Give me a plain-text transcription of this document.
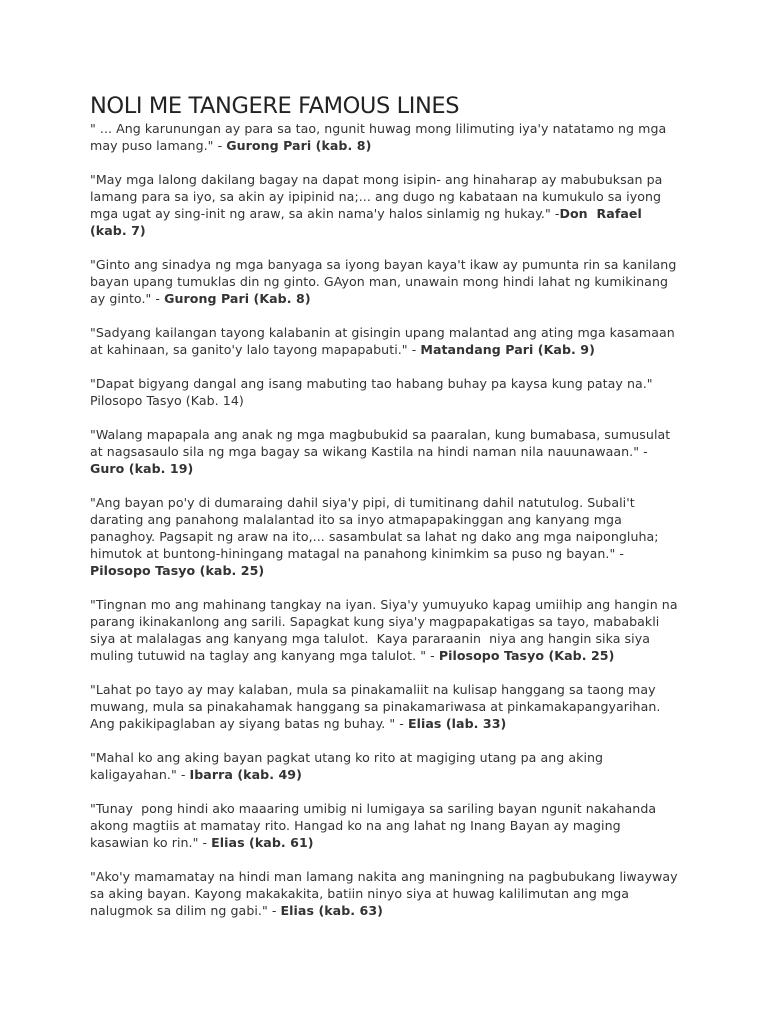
NOLI ME TANGERE FAMOUS LINES

" ... Ang karunungan ay para sa tao, ngunit huwag mong lilimuting iya'y natatamo ng mga
may puso lamang." - Gurong Pari (kab. 8)

"May mga lalong dakilang bagay na dapat mong isipin- ang hinaharap ay mabubuksan pa
lamang para sa iyo, sa akin ay ipipinid na;... ang dugo ng kabataan na kumukulo sa iyong
mga ugat ay sing-init ng araw, sa akin nama'y halos sinlamig ng hukay." -Don  Rafael
(kab. 7)

"Ginto ang sinadya ng mga banyaga sa iyong bayan kaya't ikaw ay pumunta rin sa kanilang
bayan upang tumuklas din ng ginto. GAyon man, unawain mong hindi lahat ng kumikinang
ay ginto." - Gurong Pari (Kab. 8)

"Sadyang kailangan tayong kalabanin at gisingin upang malantad ang ating mga kasamaan
at kahinaan, sa ganito'y lalo tayong mapapabuti." - Matandang Pari (Kab. 9)

"Dapat bigyang dangal ang isang mabuting tao habang buhay pa kaysa kung patay na."
Pilosopo Tasyo (Kab. 14)

"Walang mapapala ang anak ng mga magbubukid sa paaralan, kung bumabasa, sumusulat
at nagsasaulo sila ng mga bagay sa wikang Kastila na hindi naman nila nauunawaan." -
Guro (kab. 19)

"Ang bayan po'y di dumaraing dahil siya'y pipi, di tumitinang dahil natutulog. Subali't
darating ang panahong malalantad ito sa inyo atmapapakinggan ang kanyang mga
panaghoy. Pagsapit ng araw na ito,... sasambulat sa lahat ng dako ang mga naipongluha;
himutok at buntong-hiningang matagal na panahong kinimkim sa puso ng bayan." -
Pilosopo Tasyo (kab. 25)

"Tingnan mo ang mahinang tangkay na iyan. Siya'y yumuyuko kapag umiihip ang hangin na
parang ikinakanlong ang sarili. Sapagkat kung siya'y magpapakatigas sa tayo, mababakli
siya at malalagas ang kanyang mga talulot.  Kaya pararaanin  niya ang hangin sika siya
muling tutuwid na taglay ang kanyang mga talulot. " - Pilosopo Tasyo (Kab. 25)

"Lahat po tayo ay may kalaban, mula sa pinakamaliit na kulisap hanggang sa taong may
muwang, mula sa pinakahamak hanggang sa pinakamariwasa at pinkamakapangyarihan.
Ang pakikipaglaban ay siyang batas ng buhay. " - Elias (lab. 33)

"Mahal ko ang aking bayan pagkat utang ko rito at magiging utang pa ang aking
kaligayahan." - Ibarra (kab. 49)

"Tunay  pong hindi ako maaaring umibig ni lumigaya sa sariling bayan ngunit nakahanda
akong magtiis at mamatay rito. Hangad ko na ang lahat ng Inang Bayan ay maging
kasawian ko rin." - Elias (kab. 61)

"Ako'y mamamatay na hindi man lamang nakita ang maningning na pagbubukang liwayway
sa aking bayan. Kayong makakakita, batiin ninyo siya at huwag kalilimutan ang mga
nalugmok sa dilim ng gabi." - Elias (kab. 63)
